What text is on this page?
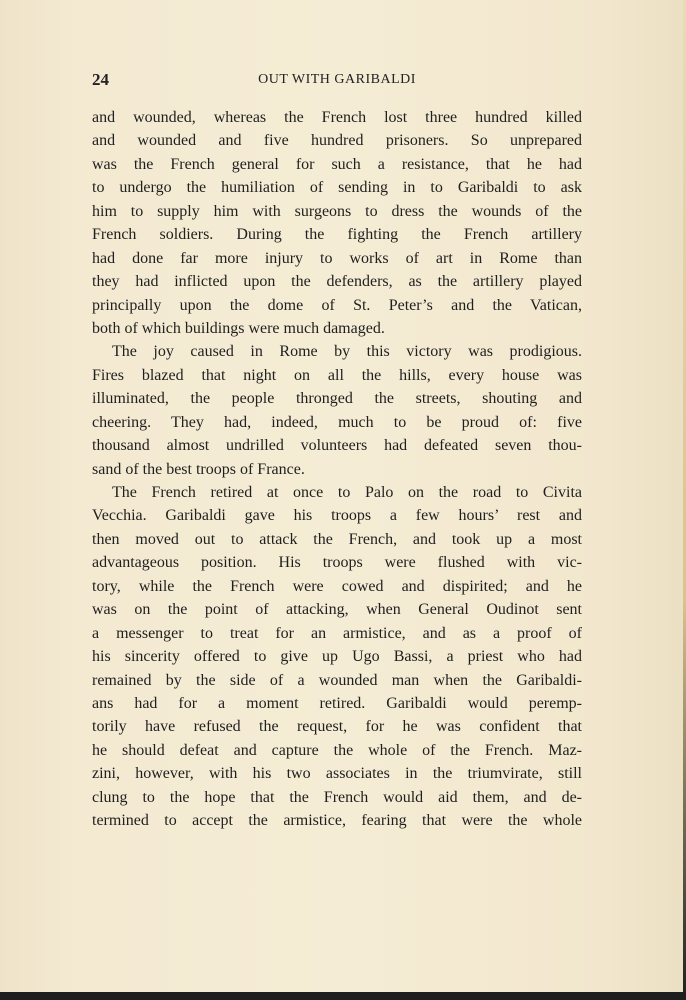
24	OUT WITH GARIBALDI
and wounded, whereas the French lost three hundred killed
and wounded and five hundred prisoners. So unprepared
was the French general for such a resistance, that he had
to undergo the humiliation of sending in to Garibaldi to ask
him to supply him with surgeons to dress the wounds of the
French soldiers. During the fighting the French artillery
had done far more injury to works of art in Rome than
they had inflicted upon the defenders, as the artillery played
principally upon the dome of St. Peter’s and the Vatican,
both of which buildings were much damaged.
The joy caused in Rome by this victory was prodigious.
Fires blazed that night on all the hills, every house was
illuminated, the people thronged the streets, shouting and
cheering. They had, indeed, much to be proud of: five
thousand almost undrilled volunteers had defeated seven thou-
sand of the best troops of France.
The French retired at once to Palo on the road to Civita
Vecchia. Garibaldi gave his troops a few hours’ rest and
then moved out to attack the French, and took up a most
advantageous position. His troops were flushed with vic-
tory, while the French were cowed and dispirited; and he
was on the point of attacking, when General Oudinot sent
a messenger to treat for an armistice, and as a proof of
his sincerity offered to give up Ugo Bassi, a priest who had
remained by the side of a wounded man when the Garibaldi-
ans had for a moment retired. Garibaldi would peremp-
torily have refused the request, for he was confident that
he should defeat and capture the whole of the French. Maz-
zini, however, with his two associates in the triumvirate, still
clung to the hope that the French would aid them, and de-
termined to accept the armistice, fearing that were the whole
